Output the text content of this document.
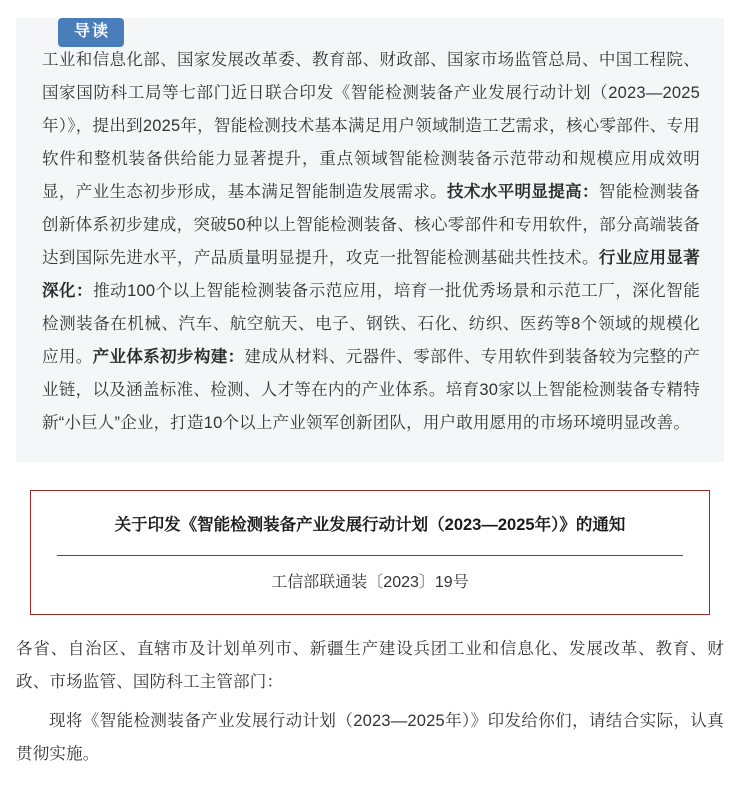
导读
工业和信息化部、国家发展改革委、教育部、财政部、国家市场监管总局、中国工程院、国家国防科工局等七部门近日联合印发《智能检测装备产业发展行动计划（2023—2025年）》，提出到2025年，智能检测技术基本满足用户领域制造工艺需求，核心零部件、专用软件和整机装备供给能力显著提升，重点领域智能检测装备示范带动和规模应用成效明显，产业生态初步形成，基本满足智能制造发展需求。技术水平明显提高：智能检测装备创新体系初步建成，突破50种以上智能检测装备、核心零部件和专用软件，部分高端装备达到国际先进水平，产品质量明显提升，攻克一批智能检测基础共性技术。行业应用显著深化：推动100个以上智能检测装备示范应用，培育一批优秀场景和示范工厂，深化智能检测装备在机械、汽车、航空航天、电子、钢铁、石化、纺织、医药等8个领域的规模化应用。产业体系初步构建：建成从材料、元器件、零部件、专用软件到装备较为完整的产业链，以及涵盖标准、检测、人才等在内的产业体系。培育30家以上智能检测装备专精特新“小巨人”企业，打造10个以上产业领军创新团队，用户敢用愿用的市场环境明显改善。
关于印发《智能检测装备产业发展行动计划（2023—2025年）》的通知
工信部联通装〔2023〕19号

各省、自治区、直辖市及计划单列市、新疆生产建设兵团工业和信息化、发展改革、教育、财政、市场监管、国防科工主管部门：

现将《智能检测装备产业发展行动计划（2023—2025年）》印发给你们，请结合实际，认真贯彻实施。
